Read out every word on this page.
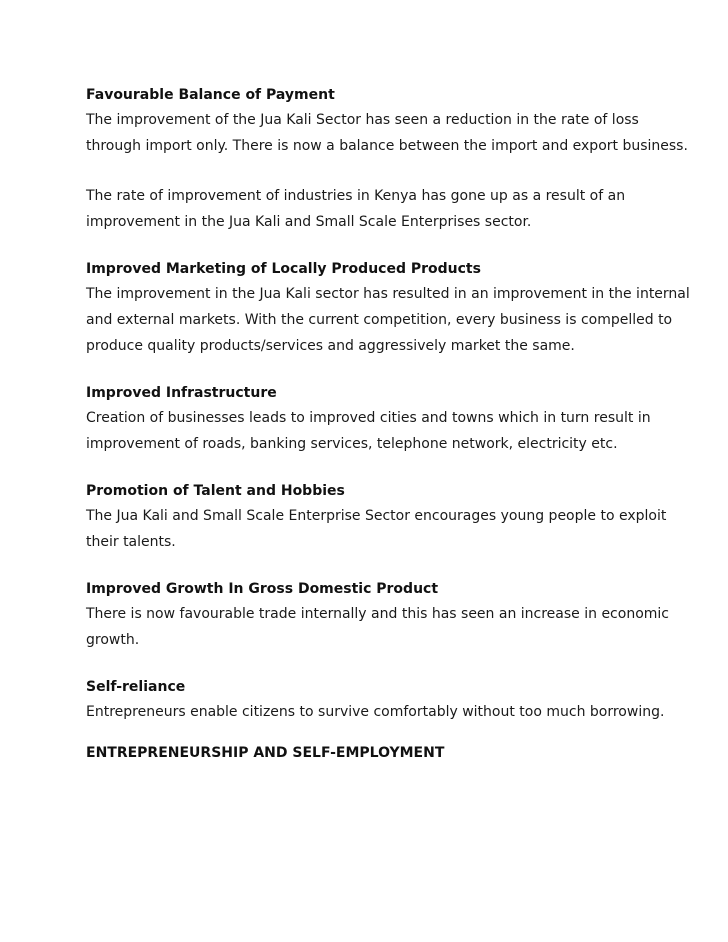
Favourable Balance of Payment

The improvement of the Jua Kali Sector has seen a reduction in the rate of loss through import only. There is now a balance between the import and export business.

The rate of improvement of industries in Kenya has gone up as a result of an improvement in the Jua Kali and Small Scale Enterprises sector.

Improved Marketing of Locally Produced Products

The improvement in the Jua Kali sector has resulted in an improvement in the internal and external markets. With the current competition, every business is compelled to produce quality products/services and aggressively market the same.

Improved Infrastructure

Creation of businesses leads to improved cities and towns which in turn result in improvement of roads, banking services, telephone network, electricity etc.

Promotion of Talent and Hobbies

The Jua Kali and Small Scale Enterprise Sector encourages young people to exploit their talents.

Improved Growth In Gross Domestic Product

There is now favourable trade internally and this has seen an increase in economic growth.

Self-reliance

Entrepreneurs enable citizens to survive comfortably without too much borrowing.

ENTREPRENEURSHIP AND SELF-EMPLOYMENT
